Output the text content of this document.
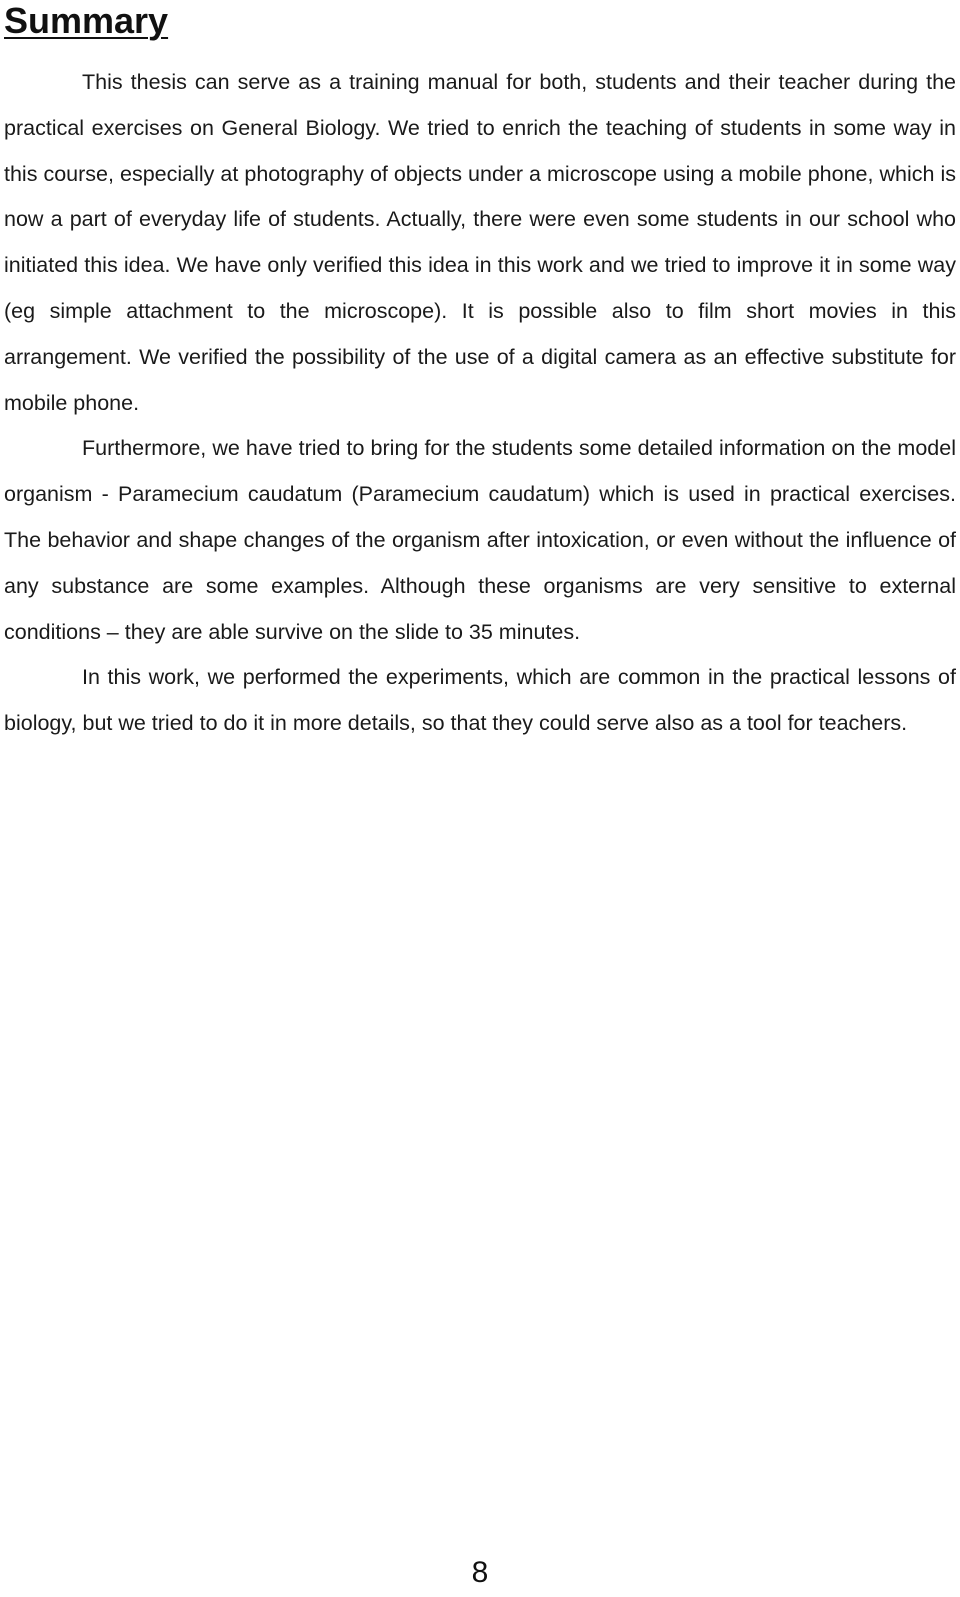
Summary

This thesis can serve as a training manual for both, students and their teacher during the practical exercises on General Biology. We tried to enrich the teaching of students in some way in this course, especially at photography of objects under a microscope using a mobile phone, which is now a part of everyday life of students. Actually, there were even some students in our school who initiated this idea. We have only verified this idea in this work and we tried to improve it in some way (eg simple attachment to the microscope). It is possible also to film short movies in this arrangement. We verified the possibility of the use of a digital camera as an effective substitute for mobile phone.

Furthermore, we have tried to bring for the students some detailed information on the model organism - Paramecium caudatum (Paramecium caudatum) which is used in practical exercises. The behavior and shape changes of the organism after intoxication, or even without the influence of any substance are some examples. Although these organisms are very sensitive to external conditions – they are able survive on the slide to 35 minutes.

In this work, we performed the experiments, which are common in the practical lessons of biology, but we tried to do it in more details, so that they could serve also as a tool for teachers.

8
